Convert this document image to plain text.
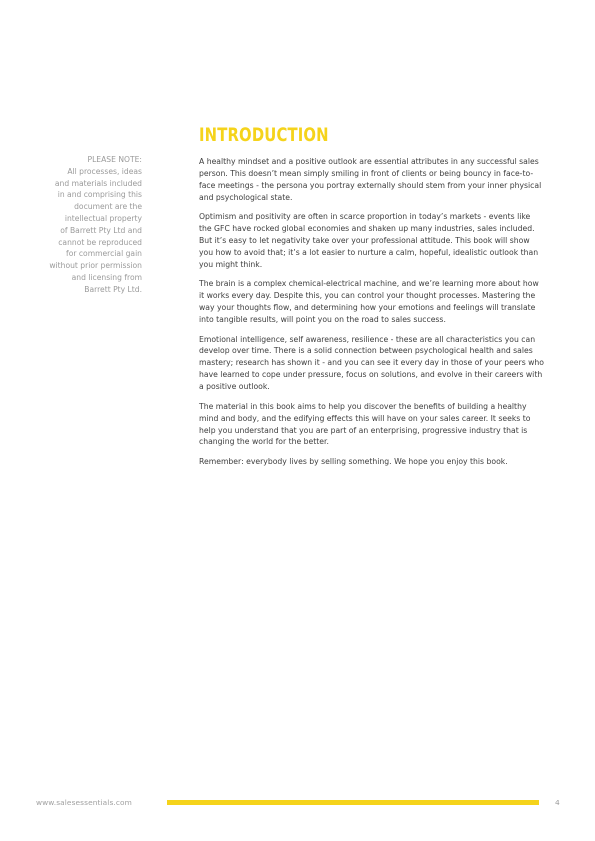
INTRODUCTION

PLEASE NOTE:

All processes, ideas

and materials included

in and comprising this

document are the

intellectual property

of Barrett Pty Ltd and

cannot be reproduced

for commercial gain

without prior permission

and licensing from

Barrett Pty Ltd.

A healthy mindset and a positive outlook are essential attributes in any successful sales person. This doesn’t mean simply smiling in front of clients or being bouncy in face-to-face meetings - the persona you portray externally should stem from your inner physical and psychological state.

Optimism and positivity are often in scarce proportion in today’s markets - events like the GFC have rocked global economies and shaken up many industries, sales included. But it’s easy to let negativity take over your professional attitude. This book will show you how to avoid that; it’s a lot easier to nurture a calm, hopeful, idealistic outlook than you might think.

The brain is a complex chemical-electrical machine, and we’re learning more about how it works every day. Despite this, you can control your thought processes. Mastering the way your thoughts flow, and determining how your emotions and feelings will translate into tangible results, will point you on the road to sales success.

Emotional intelligence, self awareness, resilience - these are all characteristics you can develop over time. There is a solid connection between psychological health and sales mastery; research has shown it - and you can see it every day in those of your peers who have learned to cope under pressure, focus on solutions, and evolve in their careers with a positive outlook.

The material in this book aims to help you discover the benefits of building a healthy mind and body, and the edifying effects this will have on your sales career. It seeks to help you understand that you are part of an enterprising, progressive industry that is changing the world for the better.

Remember: everybody lives by selling something. We hope you enjoy this book.

www.salesessentials.com	4
